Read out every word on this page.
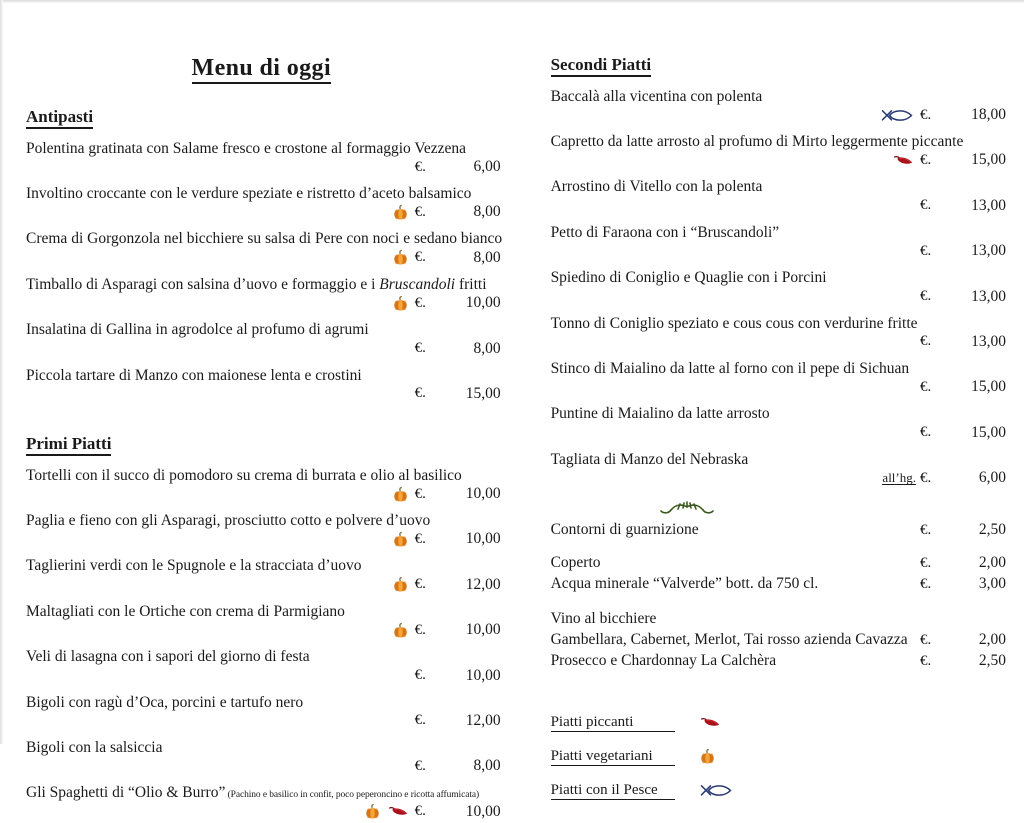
Menu di oggi
Antipasti
Polentina gratinata con Salame fresco e crostone al formaggio Vezzena
€.	6,00
Involtino croccante con le verdure speziate e ristretto d’aceto balsamico
€.	8,00
Crema di Gorgonzola nel bicchiere su salsa di Pere con noci e sedano bianco
€.	8,00
Timballo di Asparagi con salsina d’uovo e formaggio e i Bruscandoli fritti
€.	10,00
Insalatina di Gallina in agrodolce al profumo di agrumi
€.	8,00
Piccola tartare di Manzo con maionese lenta e crostini
€.	15,00
Primi Piatti
Tortelli con il succo di pomodoro su crema di burrata e olio al basilico
€.	10,00
Paglia e fieno con gli Asparagi, prosciutto cotto e polvere d’uovo
€.	10,00
Taglierini verdi con le Spugnole e la stracciata d’uovo
€.	12,00
Maltagliati con le Ortiche con crema di Parmigiano
€.	10,00
Veli di lasagna con i sapori del giorno di festa
€.	10,00
Bigoli con ragù d’Oca, porcini e tartufo nero
€.	12,00
Bigoli con la salsiccia
€.	8,00
Gli Spaghetti di “Olio & Burro” (Pachino e basilico in confit, poco peperoncino e ricotta affumicata)
€.	10,00
Secondi Piatti
Baccalà alla vicentina con polenta
€.	18,00
Capretto da latte arrosto al profumo di Mirto leggermente piccante
€.	15,00
Arrostino di Vitello con la polenta
€.	13,00
Petto di Faraona con i “Bruscandoli”
€.	13,00
Spiedino di Coniglio e Quaglie con i Porcini
€.	13,00
Tonno di Coniglio speziato e cous cous con verdurine fritte
€.	13,00
Stinco di Maialino da latte al forno con il pepe di Sichuan
€.	15,00
Puntine di Maialino da latte arrosto
€.	15,00
Tagliata di Manzo del Nebraska
all’hg. €.	6,00
Contorni di guarnizione	€.	2,50
Coperto	€.	2,00
Acqua minerale “Valverde” bott. da 750 cl.	€.	3,00
Vino al bicchiere
Gambellara, Cabernet, Merlot, Tai rosso azienda Cavazza €.	2,00
Prosecco e Chardonnay La Calchèra	€.	2,50
Piatti piccanti
Piatti vegetariani
Piatti con il Pesce
